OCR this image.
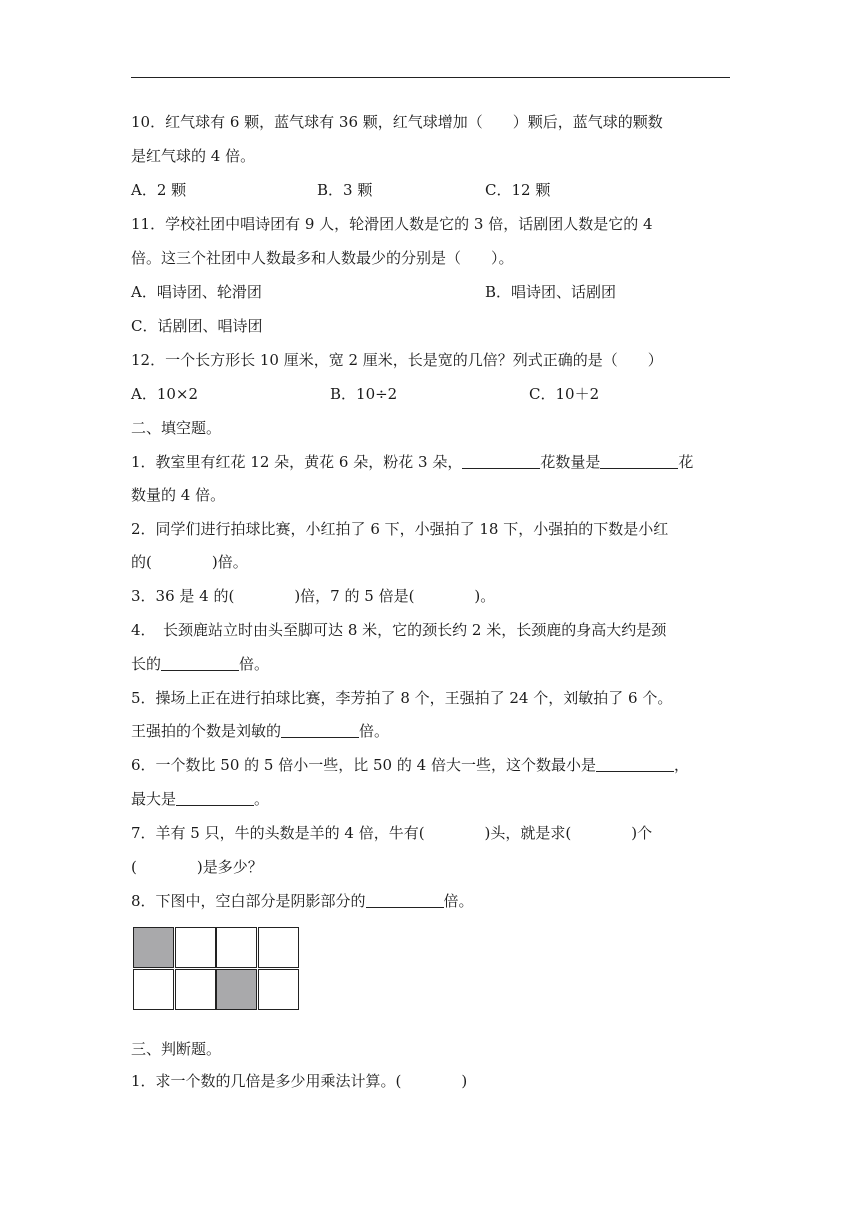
10．红气球有 6 颗，蓝气球有 36 颗，红气球增加（　　）颗后，蓝气球的颗数
是红气球的 4 倍。
A．2 颗	B．3 颗	C．12 颗
11．学校社团中唱诗团有 9 人，轮滑团人数是它的 3 倍，话剧团人数是它的 4
倍。这三个社团中人数最多和人数最少的分别是（　　）。
A．唱诗团、轮滑团	B．唱诗团、话剧团
C．话剧团、唱诗团
12．一个长方形长 10 厘米，宽 2 厘米，长是宽的几倍？列式正确的是（　　）
A．10×2	B．10÷2	C．10＋2
二、填空题。
1．教室里有红花 12 朵，黄花 6 朵，粉花 3 朵，	花数量是	花
数量的 4 倍。
2．同学们进行拍球比赛，小红拍了 6 下，小强拍了 18 下，小强拍的下数是小红
的(　　　　)倍。
3．36 是 4 的(　　　　)倍，7 的 5 倍是(　　　　)。
4．　长颈鹿站立时由头至脚可达 8 米，它的颈长约 2 米，长颈鹿的身高大约是颈
长的	倍。
5．操场上正在进行拍球比赛，李芳拍了 8 个，王强拍了 24 个，刘敏拍了 6 个。
王强拍的个数是刘敏的	倍。
6．一个数比 50 的 5 倍小一些，比 50 的 4 倍大一些，这个数最小是	，
最大是	。
7．羊有 5 只，牛的头数是羊的 4 倍，牛有(　　　　)头，就是求(　　　　)个
(　　　　)是多少？
8．下图中，空白部分是阴影部分的	倍。
三、判断题。
1．求一个数的几倍是多少用乘法计算。(　　　　)
